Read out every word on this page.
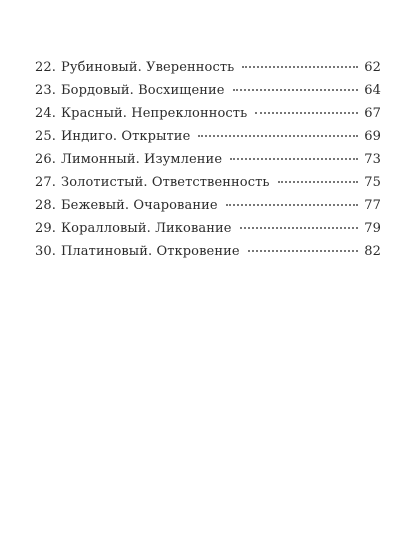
22. Рубиновый. Уверенность	62
23. Бордовый. Восхищение	64
24. Красный. Непреклонность	67
25. Индиго. Открытие	69
26. Лимонный. Изумление	73
27. Золотистый. Ответственность	75
28. Бежевый. Очарование	77
29. Коралловый. Ликование	79
30. Платиновый. Откровение	82
